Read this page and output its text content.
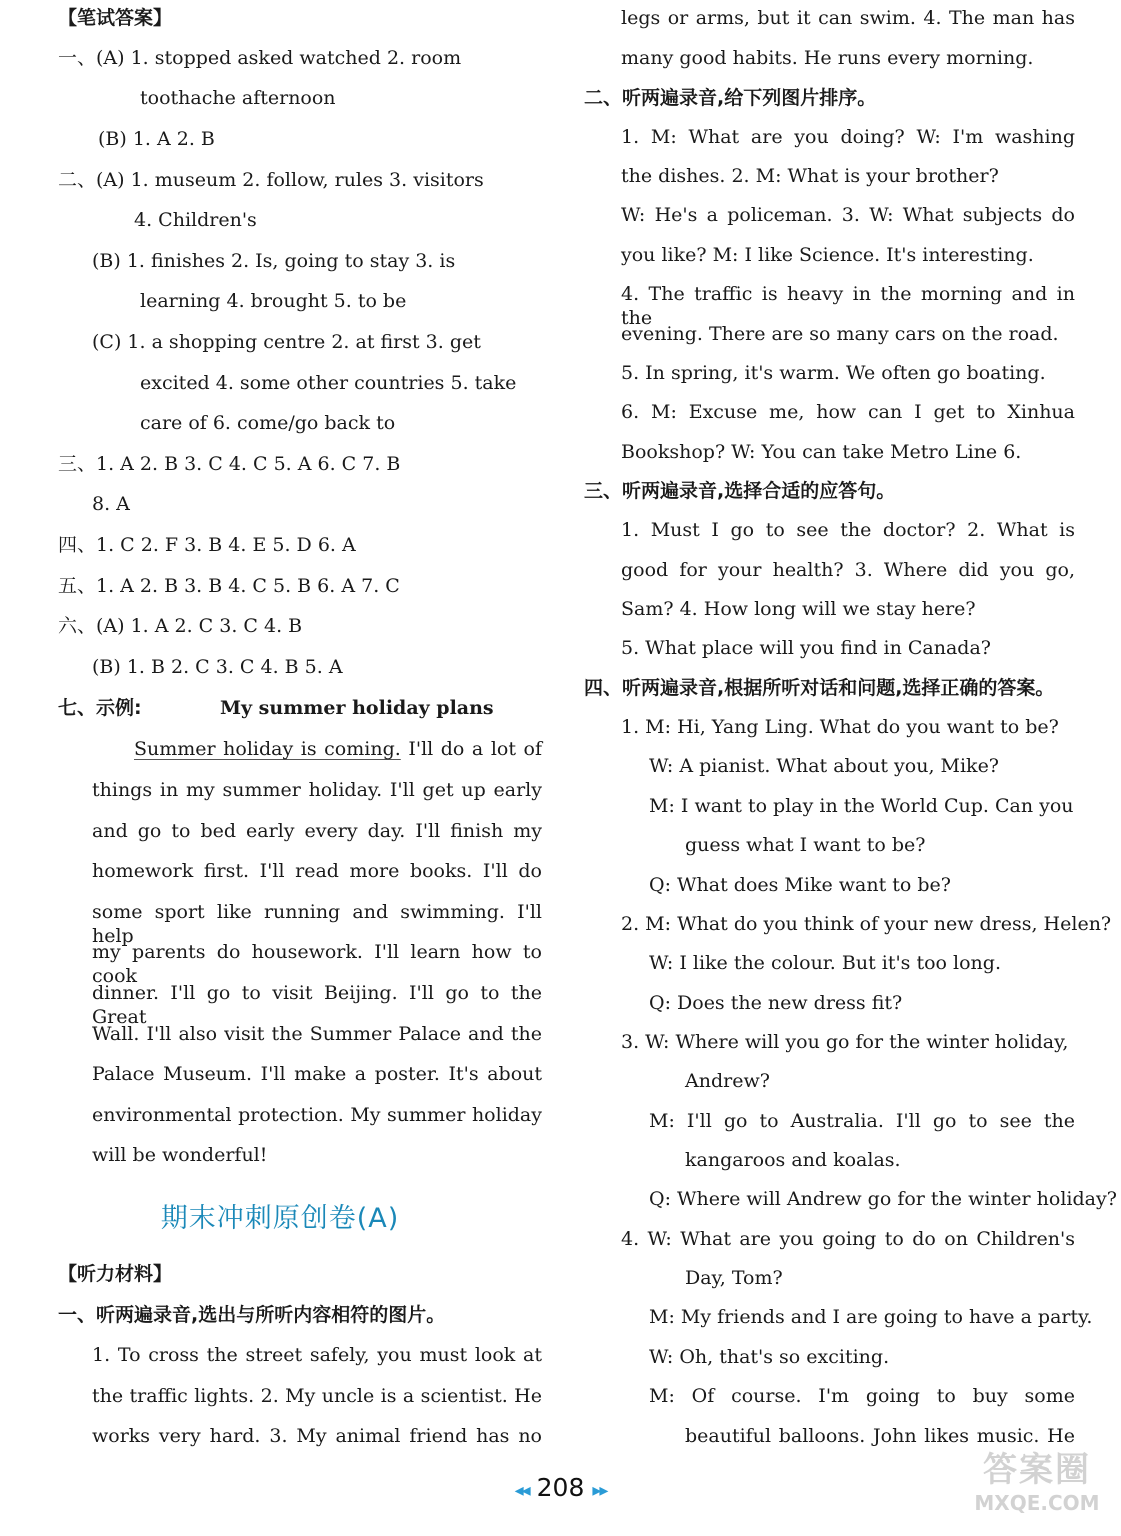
【笔试答案】
一、(A) 1. stopped asked watched 2. room
toothache afternoon
(B) 1. A 2. B
二、(A) 1. museum 2. follow, rules 3. visitors
4. Children's
(B) 1. finishes 2. Is, going to stay 3. is
learning 4. brought 5. to be
(C) 1. a shopping centre 2. at first 3. get
excited 4. some other countries 5. take
care of 6. come/go back to
三、1. A 2. B 3. C 4. C 5. A 6. C 7. B
8. A
四、1. C 2. F 3. B 4. E 5. D 6. A
五、1. A 2. B 3. B 4. C 5. B 6. A 7. C
六、(A) 1. A 2. C 3. C 4. B
(B) 1. B 2. C 3. C 4. B 5. A
七、示例:	My summer holiday plans
Summer holiday is coming. I'll do a lot of
things in my summer holiday. I'll get up early
and go to bed early every day. I'll finish my
homework first. I'll read more books. I'll do
some sport like running and swimming. I'll help
my parents do housework. I'll learn how to cook
dinner. I'll go to visit Beijing. I'll go to the Great
Wall. I'll also visit the Summer Palace and the
Palace Museum. I'll make a poster. It's about
environmental protection. My summer holiday
will be wonderful!
【听力材料】
一、听两遍录音,选出与所听内容相符的图片。
1. To cross the street safely, you must look at
the traffic lights. 2. My uncle is a scientist. He
works very hard. 3. My animal friend has no
legs or arms, but it can swim. 4. The man has
many good habits. He runs every morning.
二、听两遍录音,给下列图片排序。
1. M: What are you doing? W: I'm washing
the dishes. 2. M: What is your brother?
W: He's a policeman. 3. W: What subjects do
you like? M: I like Science. It's interesting.
4. The traffic is heavy in the morning and in the
evening. There are so many cars on the road.
5. In spring, it's warm. We often go boating.
6. M: Excuse me, how can I get to Xinhua
Bookshop? W: You can take Metro Line 6.
三、听两遍录音,选择合适的应答句。
1. Must I go to see the doctor? 2. What is
good for your health? 3. Where did you go,
Sam? 4. How long will we stay here?
5. What place will you find in Canada?
四、听两遍录音,根据所听对话和问题,选择正确的答案。
1. M: Hi, Yang Ling. What do you want to be?
W: A pianist. What about you, Mike?
M: I want to play in the World Cup. Can you
guess what I want to be?
Q: What does Mike want to be?
2. M: What do you think of your new dress, Helen?
W: I like the colour. But it's too long.
Q: Does the new dress fit?
3. W: Where will you go for the winter holiday,
Andrew?
M: I'll go to Australia. I'll go to see the
kangaroos and koalas.
Q: Where will Andrew go for the winter holiday?
4. W: What are you going to do on Children's
Day, Tom?
M: My friends and I are going to have a party.
W: Oh, that's so exciting.
M: Of course. I'm going to buy some
beautiful balloons. John likes music. He
期末冲刺原创卷(A)
◂◂ 208 ▸▸
答案圈
MXQE.COM
